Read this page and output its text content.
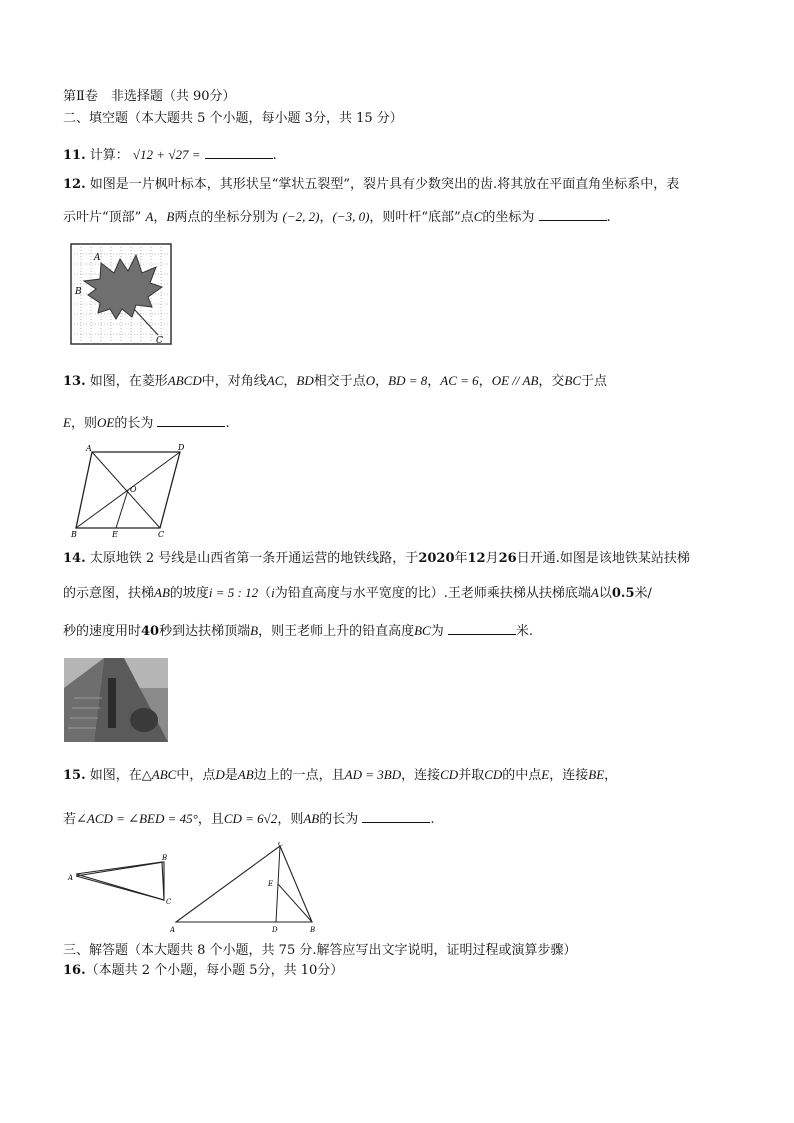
第Ⅱ卷　非选择题（共 90分）
二、填空题（本大题共 5 个小题，每小题 3分，共 15 分）
11. 计算： √12 + √27 =	.
12. 如图是一片枫叶标本，其形状呈“掌状五裂型”，裂片具有少数突出的齿.将其放在平面直角坐标系中，表
示叶片“顶部” A，B两点的坐标分别为 (−2, 2)，(−3, 0)，则叶杆“底部”点C的坐标为	.
A
B
C
13. 如图，在菱形ABCD中，对角线AC，BD相交于点O，BD = 8，AC = 6，OE // AB，交BC于点
E，则OE的长为	.
A	D
B	C
O
E
14. 太原地铁 2 号线是山西省第一条开通运营的地铁线路，于2020年12月26日开通.如图是该地铁某站扶梯
的示意图，扶梯AB的坡度i = 5 : 12（i为铅直高度与水平宽度的比）.王老师乘扶梯从扶梯底端A以0.5米/
秒的速度用时40秒到达扶梯顶端B，则王老师上升的铅直高度BC为	米.
15. 如图，在△ABC中，点D是AB边上的一点，且AD = 3BD，连接CD并取CD的中点E，连接BE，
若∠ACD = ∠BED = 45°，且CD = 6√2，则AB的长为	.
A
B
C
A	B
C
D
E
三、解答题（本大题共 8 个小题，共 75 分.解答应写出文字说明，证明过程或演算步骤）
16.（本题共 2 个小题，每小题 5分，共 10分）
